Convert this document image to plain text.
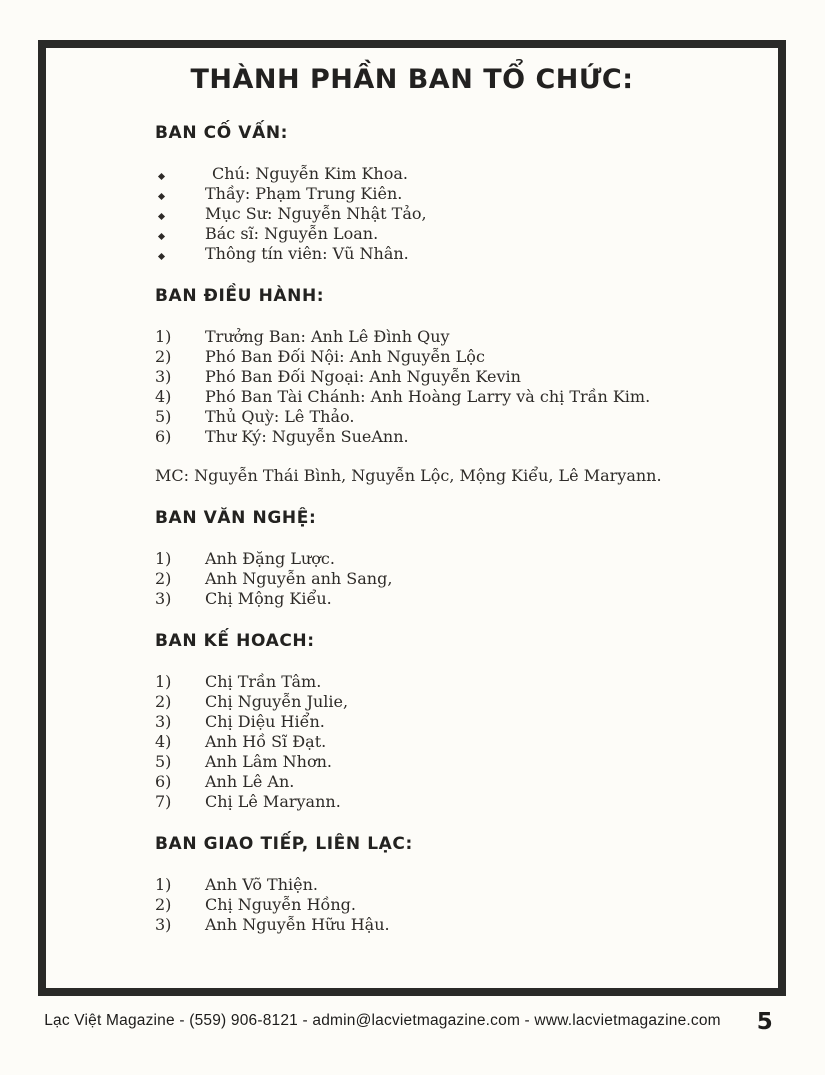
THÀNH PHẦN BAN TỔ CHỨC:
BAN CỐ VẤN:
Chú: Nguyễn Kim Khoa.
Thầy: Phạm Trung Kiên.
Mục Sư: Nguyễn Nhật Tảo,
Bác sĩ: Nguyễn Loan.
Thông tín viên: Vũ Nhân.
BAN ĐIỀU HÀNH:
1)	Trưởng Ban: Anh Lê Đình Quy
2)	Phó Ban Đối Nội: Anh Nguyễn Lộc
3)	Phó Ban Đối Ngoại: Anh Nguyễn Kevin
4)	Phó Ban Tài Chánh: Anh Hoàng Larry và chị Trần Kim.
5)	Thủ Quỳ: Lê Thảo.
6)	Thư Ký: Nguyễn SueAnn.
MC: Nguyễn Thái Bình, Nguyễn Lộc, Mộng Kiểu, Lê Maryann.
BAN VĂN NGHỆ:
1)	Anh Đặng Lược.
2)	Anh Nguyễn anh Sang,
3)	Chị Mộng Kiểu.
BAN KẾ HOACH:
1)	Chị Trần Tâm.
2)	Chị Nguyễn Julie,
3)	Chị Diệu Hiển.
4)	Anh Hồ Sĩ Đạt.
5)	Anh Lâm Nhơn.
6)	Anh Lê An.
7)	Chị Lê Maryann.
BAN GIAO TIẾP, LIÊN LẠC:
1)	Anh Võ Thiện.
2)	Chị Nguyễn Hồng.
3)	Anh Nguyễn Hữu Hậu.
Lạc Việt Magazine - (559) 906-8121 - admin@lacvietmagazine.com - www.lacvietmagazine.com 5
